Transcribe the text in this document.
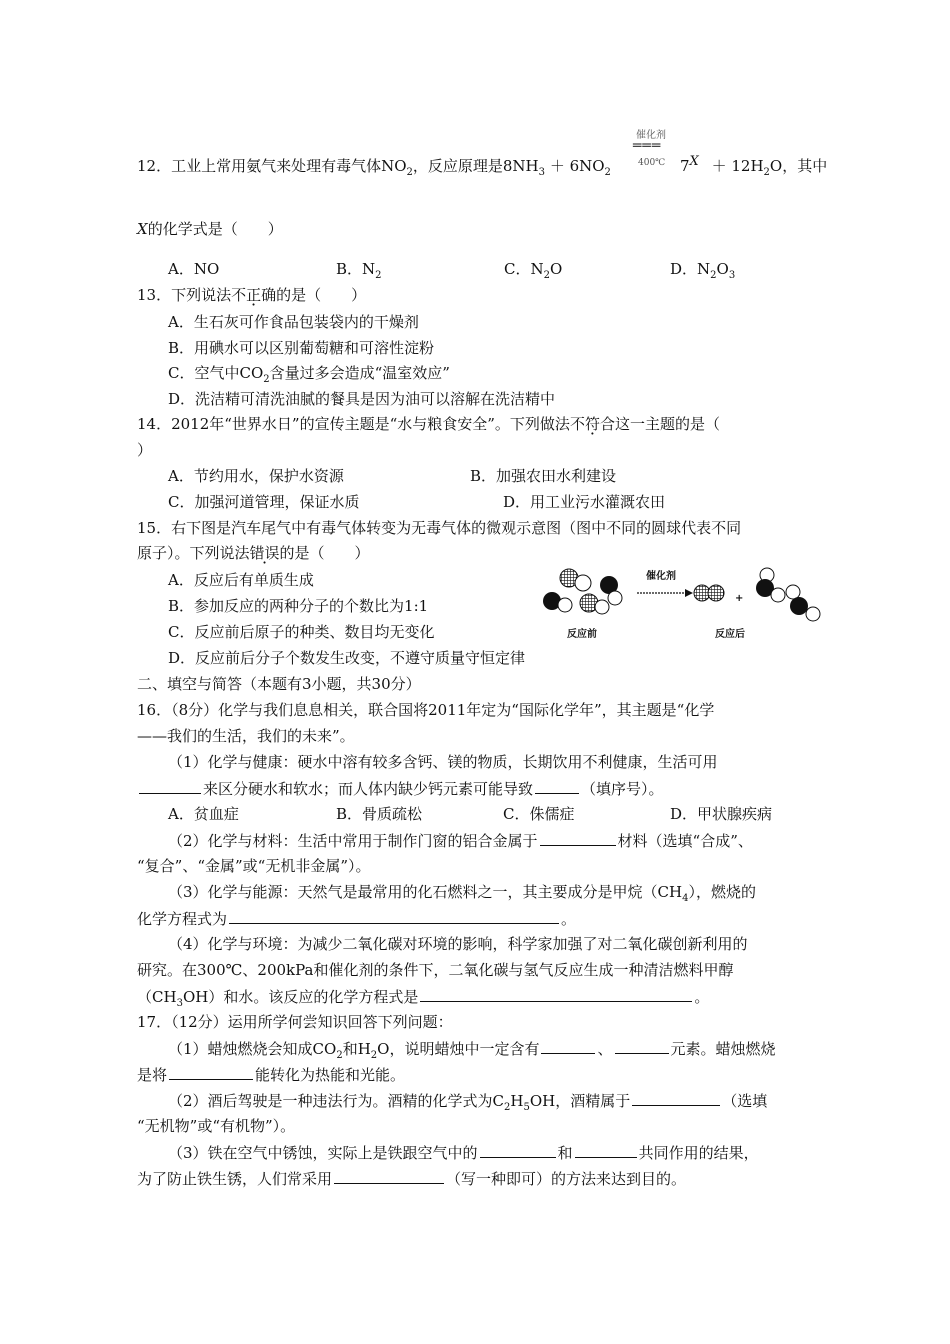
催化剂
═══
400℃
12．工业上常用氨气来处理有毒气体$NO_2$，反应原理是$8NH_3 + 6NO_2$	$7X + 12H_2O$，其中
X的化学式是（　　）
A．NO	B．$N_2$	C．$N_2O$	D．$N_2O_3$
13．下列说法不正确的是（　　）
A．生石灰可作食品包装袋内的干燥剂
B．用碘水可以区别葡萄糖和可溶性淀粉
C．空气中$CO_2$含量过多会造成“温室效应”
D．洗洁精可清洗油腻的餐具是因为油可以溶解在洗洁精中
14．2012年“世界水日”的宣传主题是“水与粮食安全”。下列做法不符合这一主题的是（
）
A．节约用水，保护水资源	B．加强农田水利建设
C．加强河道管理，保证水质	D．用工业污水灌溉农田
15．右下图是汽车尾气中有毒气体转变为无毒气体的微观示意图（图中不同的圆球代表不同
原子）。下列说法错误的是（　　）
A．反应后有单质生成
B．参加反应的两种分子的个数比为1:1
C．反应前后原子的种类、数目均无变化
D．反应前后分子个数发生改变，不遵守质量守恒定律
催化剂
+
反应前	反应后
二、填空与简答（本题有3小题，共30分）
16．（8分）化学与我们息息相关，联合国将2011年定为“国际化学年”，其主题是“化学
——我们的生活，我们的未来”。
（1）化学与健康：硬水中溶有较多含钙、镁的物质，长期饮用不利健康，生活可用
来区分硬水和软水；而人体内缺少钙元素可能导致	（填序号）。
A．贫血症	B．骨质疏松	C．侏儒症	D．甲状腺疾病
（2）化学与材料：生活中常用于制作门窗的铝合金属于	材料（选填“合成”、
“复合”、“金属”或“无机非金属”）。
（3）化学与能源：天然气是最常用的化石燃料之一，其主要成分是甲烷$(CH_4)$，燃烧的
化学方程式为	。
（4）化学与环境：为减少二氧化碳对环境的影响，科学家加强了对二氧化碳创新利用的
研究。在300℃、200kPa和催化剂的条件下，二氧化碳与氢气反应生成一种清洁燃料甲醇
$(CH_3OH)$和水。该反应的化学方程式是	。
17．（12分）运用所学何尝知识回答下列问题：
（1）蜡烛燃烧会知成$CO_2$和$H_2O$，说明蜡烛中一定含有	、	元素。蜡烛燃烧
是将	能转化为热能和光能。
（2）酒后驾驶是一种违法行为。酒精的化学式为$C_2H_5OH$，酒精属于	（选填
“无机物”或“有机物”）。
（3）铁在空气中锈蚀，实际上是铁跟空气中的	和	共同作用的结果，
为了防止铁生锈，人们常采用	（写一种即可）的方法来达到目的。
